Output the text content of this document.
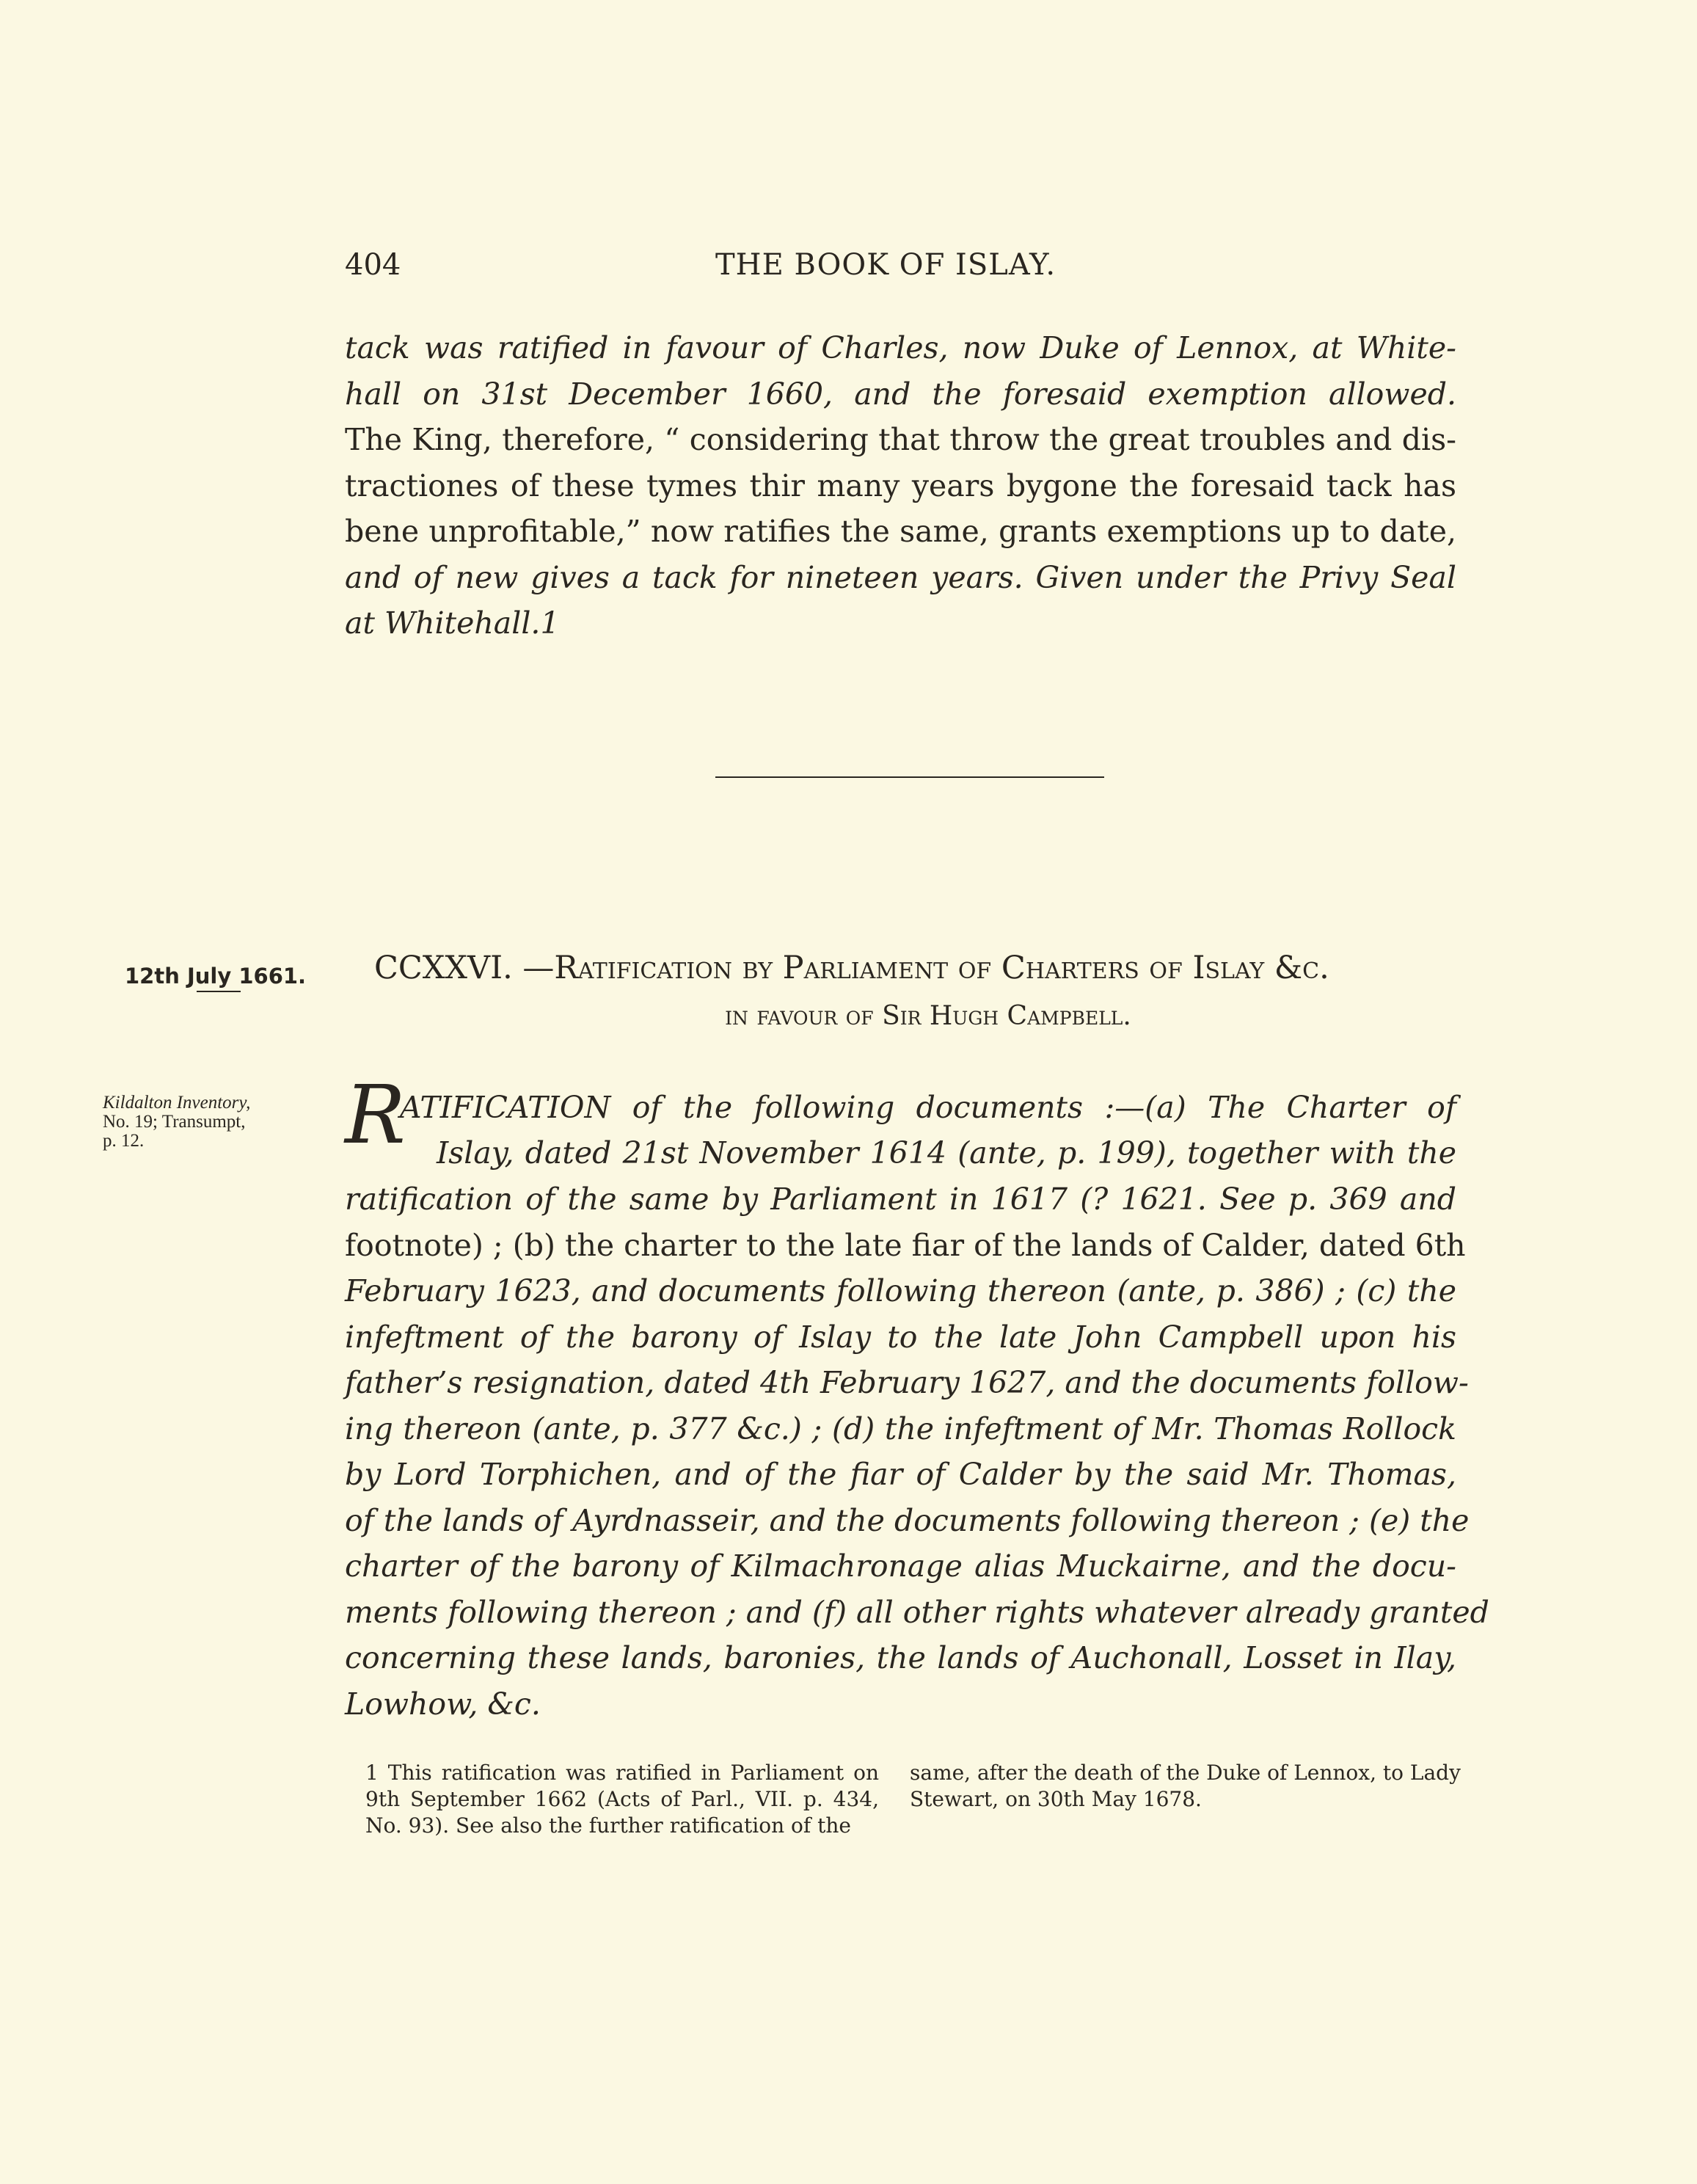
404	THE BOOK OF ISLAY.
tack was ratified in favour of Charles, now Duke of Lennox, at White-
hall on 31st December 1660, and the foresaid exemption allowed.
The King, therefore, “ considering that throw the great troubles and dis-
tractiones of these tymes thir many years bygone the foresaid tack has
bene unprofitable,” now ratifies the same, grants exemptions up to date,
and of new gives a tack for nineteen years. Given under the Privy Seal
at Whitehall.1
12th July 1661. CCXXVI. —Ratification by Parliament of Charters of Islay &c.
in favour of Sir Hugh Campbell.
Kildalton Inventory,
No. 19; Transumpt,
p. 12.	R
ATIFICATION of the following documents :—(a) The Charter of
Islay, dated 21st November 1614 (ante, p. 199), together with the
ratification of the same by Parliament in 1617 (? 1621. See p. 369 and
footnote) ; (b) the charter to the late fiar of the lands of Calder, dated 6th
February 1623, and documents following thereon (ante, p. 386) ; (c) the
infeftment of the barony of Islay to the late John Campbell upon his
father’s resignation, dated 4th February 1627, and the documents follow-
ing thereon (ante, p. 377 &c.) ; (d) the infeftment of Mr. Thomas Rollock
by Lord Torphichen, and of the fiar of Calder by the said Mr. Thomas,
of the lands of Ayrdnasseir, and the documents following thereon ; (e) the
charter of the barony of Kilmachronage alias Muckairne, and the docu-
ments following thereon ; and (f) all other rights whatever already granted
concerning these lands, baronies, the lands of Auchonall, Losset in Ilay,
Lowhow, &c.
1 This ratification was ratified in Parliament on
9th September 1662 (Acts of Parl., VII. p. 434,
No. 93). See also the further ratification of the
same, after the death of the Duke of Lennox, to Lady
Stewart, on 30th May 1678.
